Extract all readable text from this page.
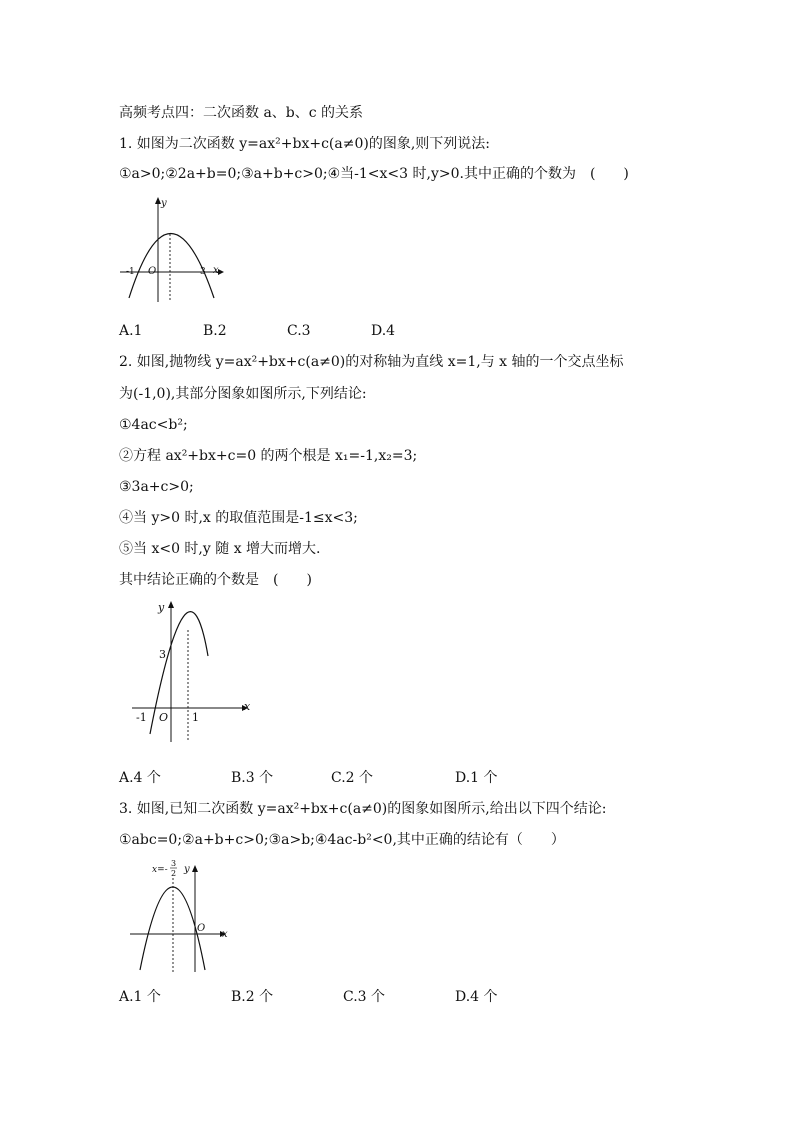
高频考点四：二次函数 a、b、c 的关系
1. 如图为二次函数 y=ax²+bx+c(a≠0)的图象,则下列说法:
①a>0;②2a+b=0;③a+b+c>0;④当-1<x<3 时,y>0.其中正确的个数为　(　　)
y
x
O
-1	3
A.1	B.2	C.3	D.4
2. 如图,抛物线 y=ax²+bx+c(a≠0)的对称轴为直线 x=1,与 x 轴的一个交点坐标
为(-1,0),其部分图象如图所示,下列结论:
①4ac<b²;
②方程 ax²+bx+c=0 的两个根是 x₁=-1,x₂=3;
③3a+c>0;
④当 y>0 时,x 的取值范围是-1≤x<3;
⑤当 x<0 时,y 随 x 增大而增大.
其中结论正确的个数是　(　　)
y
x
O
-1
3
1
A.4 个	B.3 个	C.2 个	D.1 个
3. 如图,已知二次函数 y=ax²+bx+c(a≠0)的图象如图所示,给出以下四个结论:
①abc=0;②a+b+c>0;③a>b;④4ac-b²<0,其中正确的结论有（　　）
x=-
3
2 y
x
O
A.1 个	B.2 个	C.3 个	D.4 个
